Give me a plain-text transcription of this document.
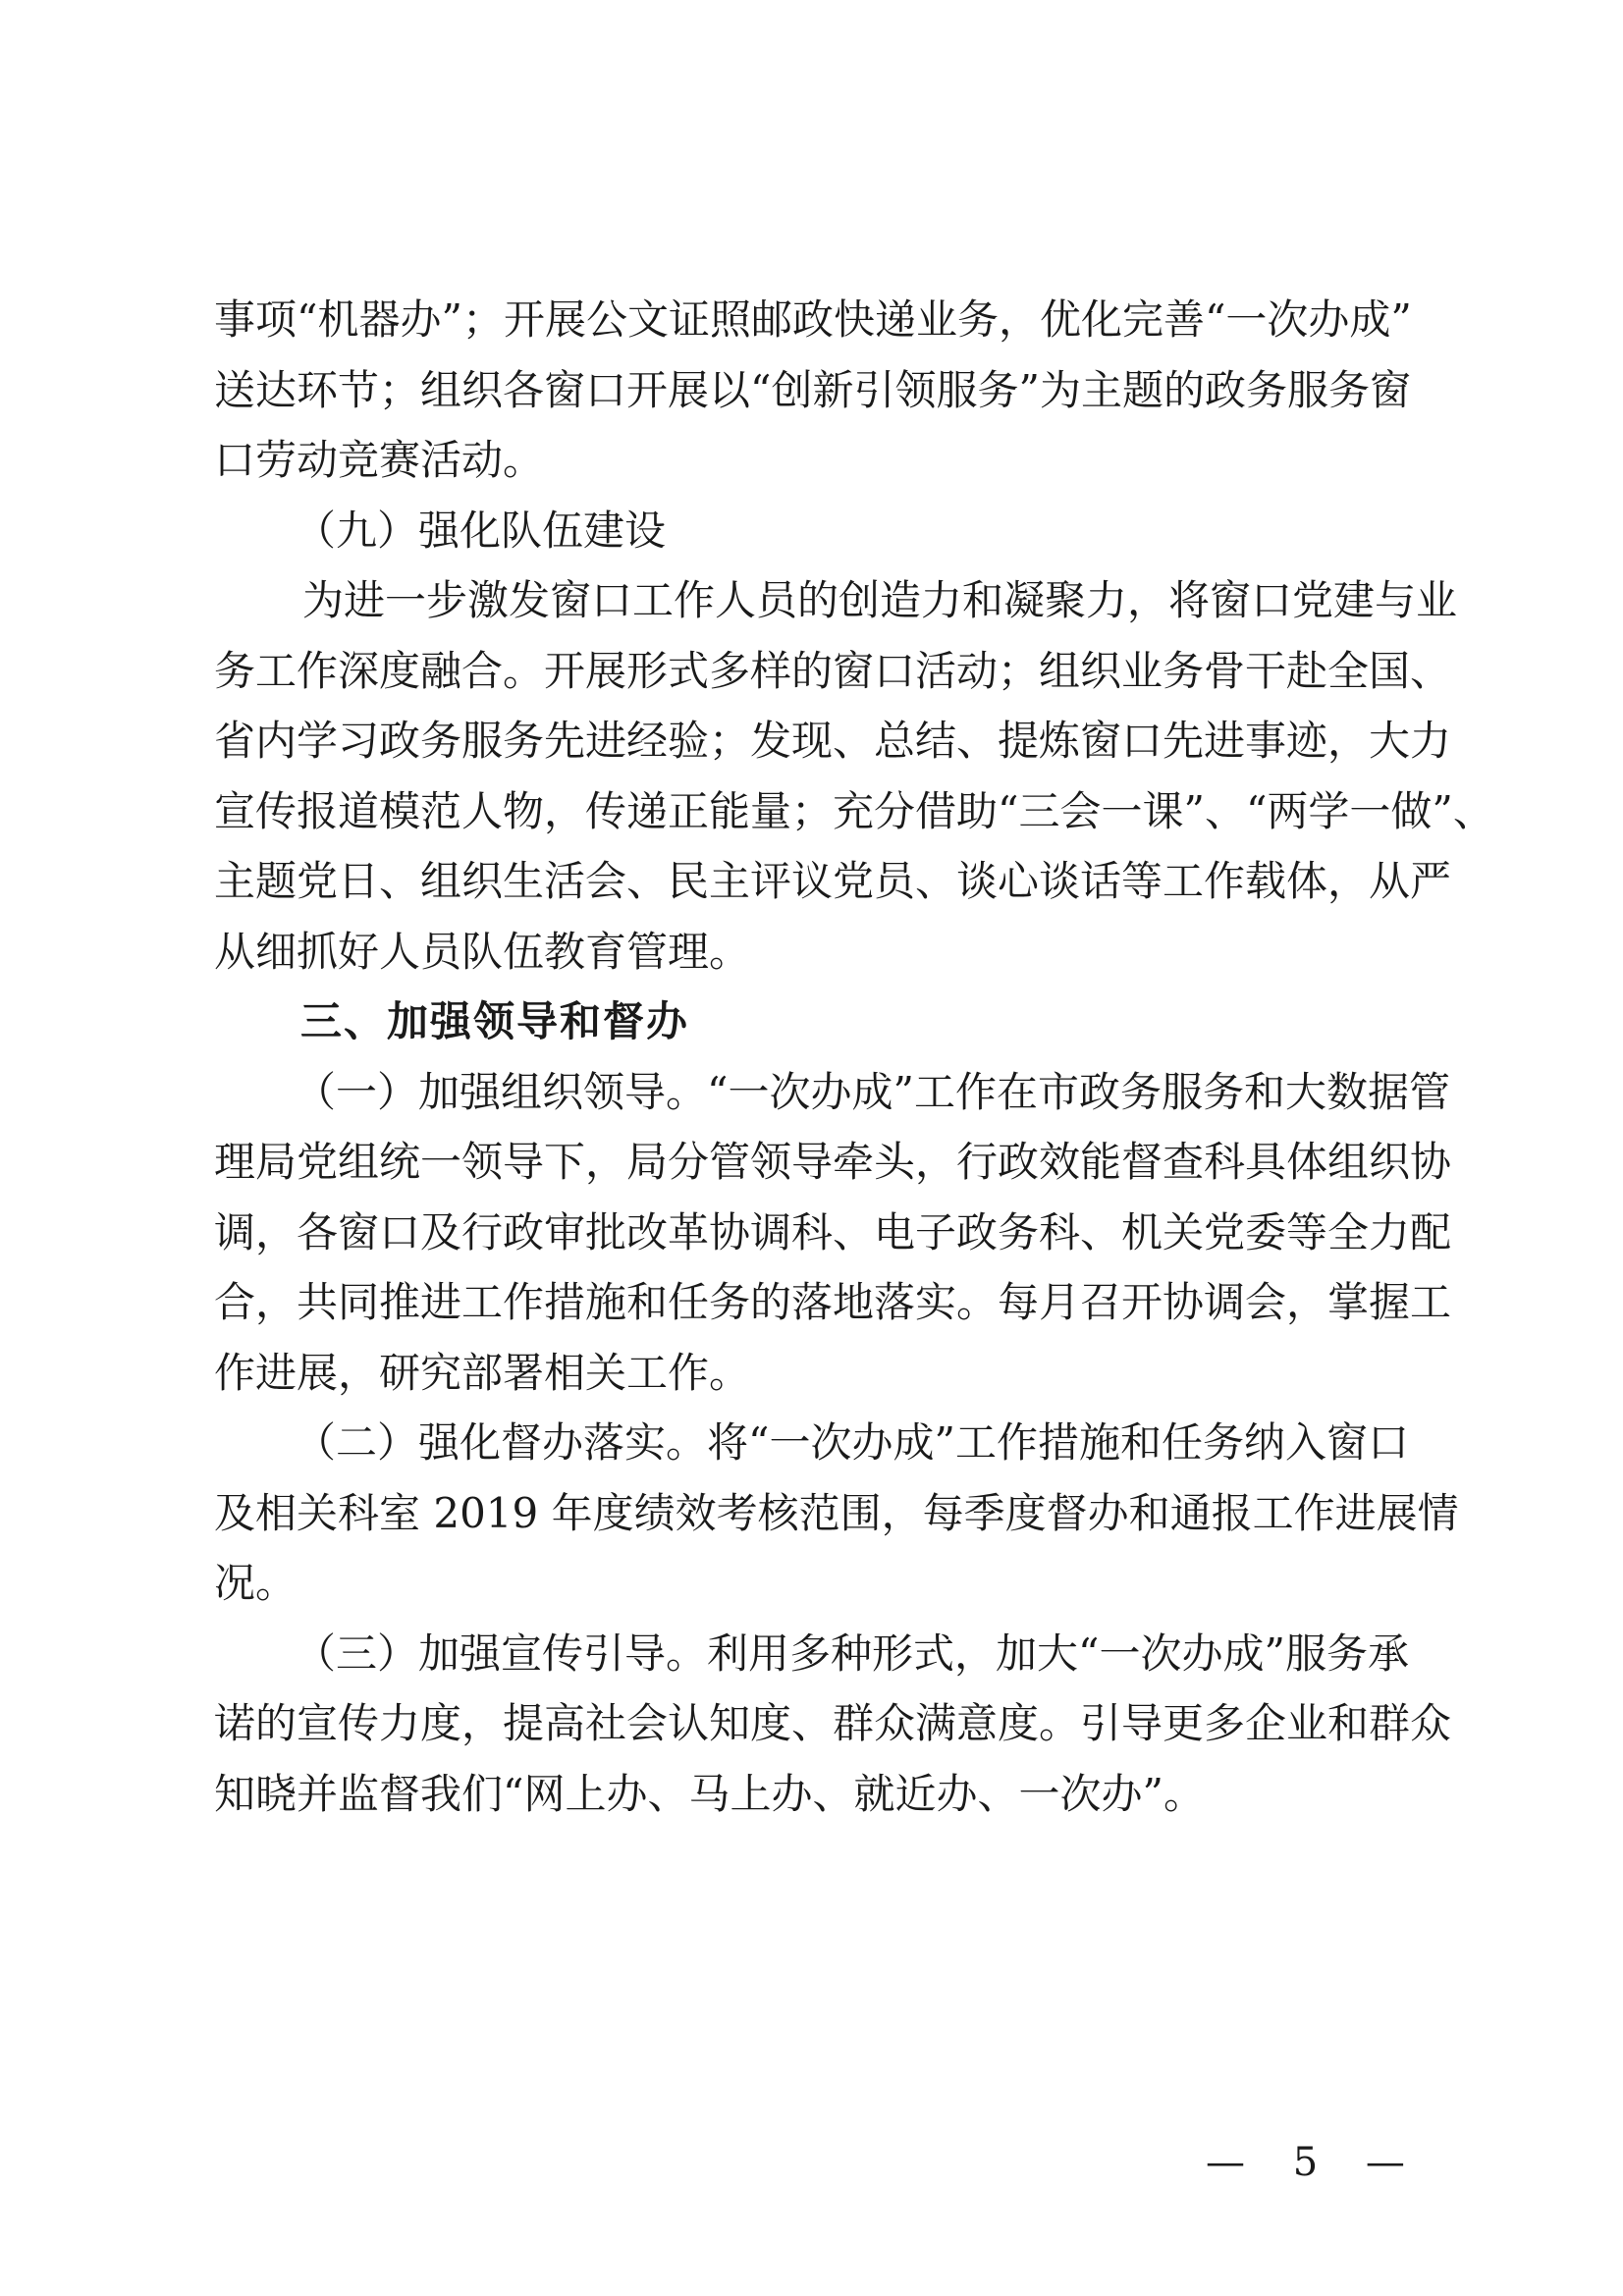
事项“机器办”；开展公文证照邮政快递业务，优化完善“一次办成”
送达环节；组织各窗口开展以“创新引领服务”为主题的政务服务窗
口劳动竞赛活动。
（九）强化队伍建设
为进一步激发窗口工作人员的创造力和凝聚力，将窗口党建与业
务工作深度融合。开展形式多样的窗口活动；组织业务骨干赴全国、
省内学习政务服务先进经验；发现、总结、提炼窗口先进事迹，大力
宣传报道模范人物，传递正能量；充分借助“三会一课”、“两学一做”、
主题党日、组织生活会、民主评议党员、谈心谈话等工作载体，从严
从细抓好人员队伍教育管理。
三、加强领导和督办
（一）加强组织领导。“一次办成”工作在市政务服务和大数据管
理局党组统一领导下，局分管领导牵头，行政效能督查科具体组织协
调，各窗口及行政审批改革协调科、电子政务科、机关党委等全力配
合，共同推进工作措施和任务的落地落实。每月召开协调会，掌握工
作进展，研究部署相关工作。
（二）强化督办落实。将“一次办成”工作措施和任务纳入窗口
及相关科室 2019 年度绩效考核范围，每季度督办和通报工作进展情
况。
（三）加强宣传引导。利用多种形式，加大“一次办成”服务承
诺的宣传力度，提高社会认知度、群众满意度。引导更多企业和群众
知晓并监督我们“网上办、马上办、就近办、一次办”。
— 5 —
